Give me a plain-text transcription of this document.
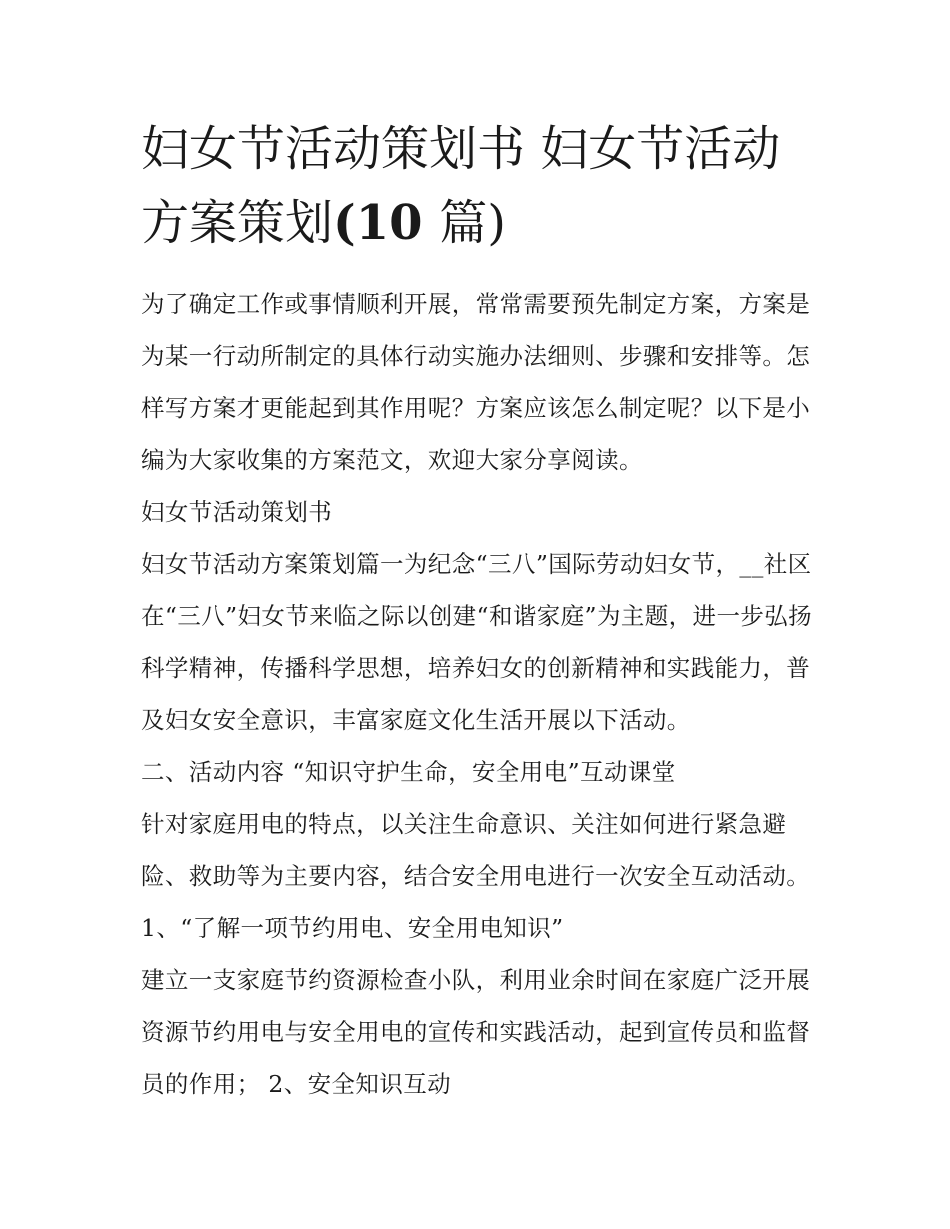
妇女节活动策划书 妇女节活动方案策划(10 篇)

为了确定工作或事情顺利开展，常常需要预先制定方案，方案是为某一行动所制定的具体行动实施办法细则、步骤和安排等。怎样写方案才更能起到其作用呢？方案应该怎么制定呢？以下是小编为大家收集的方案范文，欢迎大家分享阅读。

妇女节活动策划书

妇女节活动方案策划篇一为纪念“三八”国际劳动妇女节，__社区在“三八”妇女节来临之际以创建“和谐家庭”为主题，进一步弘扬科学精神，传播科学思想，培养妇女的创新精神和实践能力，普及妇女安全意识，丰富家庭文化生活开展以下活动。

二、活动内容 “知识守护生命，安全用电”互动课堂

针对家庭用电的特点，以关注生命意识、关注如何进行紧急避险、救助等为主要内容，结合安全用电进行一次安全互动活动。 1、“了解一项节约用电、安全用电知识”

建立一支家庭节约资源检查小队，利用业余时间在家庭广泛开展资源节约用电与安全用电的宣传和实践活动，起到宣传员和监督员的作用； 2、安全知识互动
